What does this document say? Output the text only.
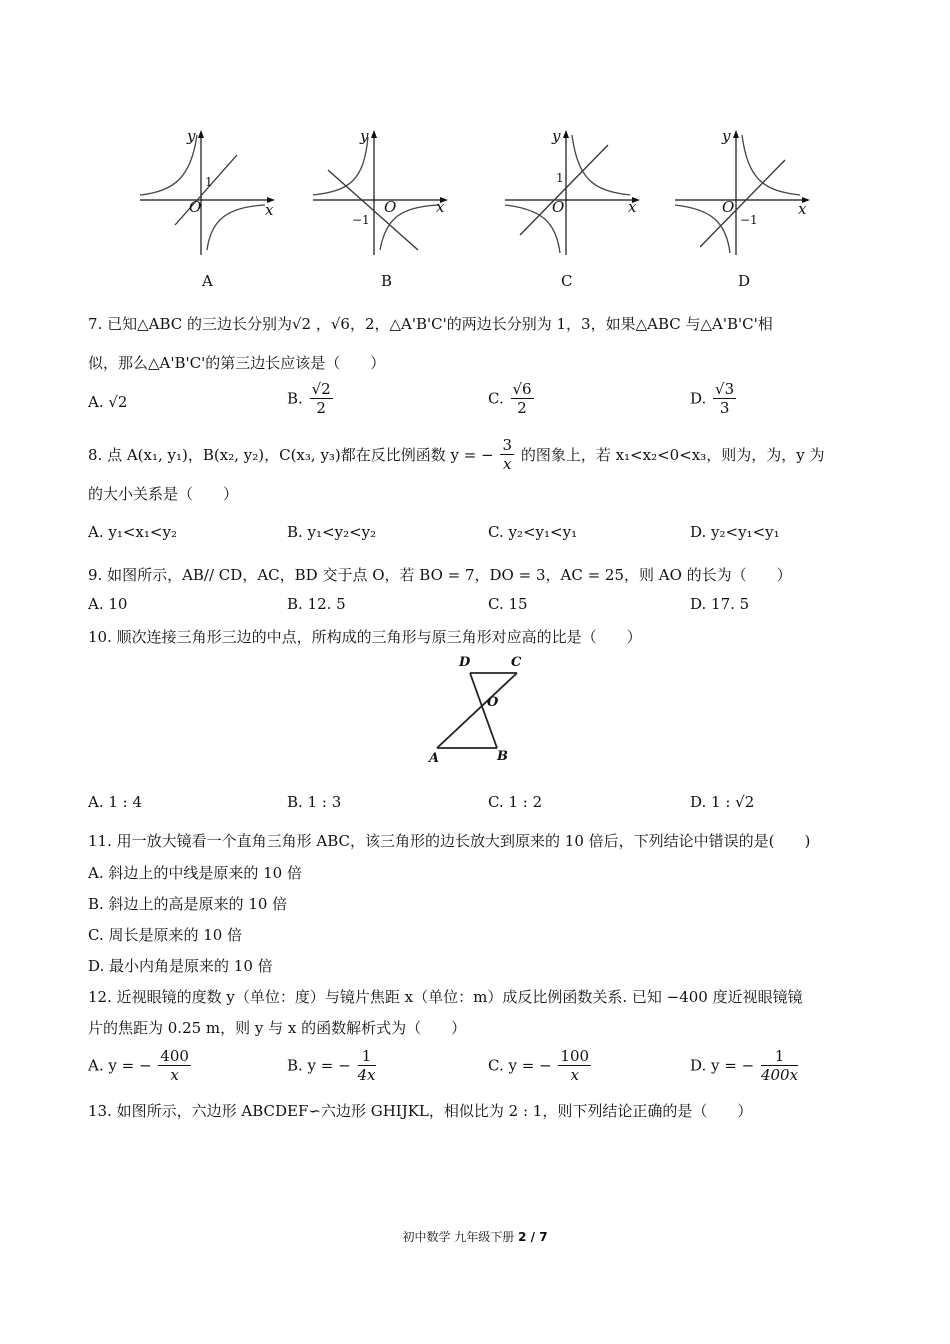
y
x
O
1
y
x
O
−1
y
x
O
1
y
x
O
−1
A	B	C	D
7. 已知△ABC 的三边长分别为√2 ，√6，2，△A'B'C'的两边长分别为 1，3，如果△ABC 与△A'B'C'相
似，那么△A'B'C'的第三边长应该是（　　）
A. √2	B. $\frac{√2}{2}$	C. $\frac{√6}{2}$	D. $\frac{√3}{3}$
8. 点 A(x₁, y₁)，B(x₂, y₂)，C(x₃, y₃)都在反比例函数 y = − $\frac{3}{x}$ 的图象上，若 x₁<x₂<0<x₃，则为，为，y 为
的大小关系是（　　）
A. y₁<x₁<y₂	B. y₁<y₂<y₂	C. y₂<y₁<y₁	D. y₂<y₁<y₁
9. 如图所示，AB// CD，AC，BD 交于点 O，若 BO = 7，DO = 3，AC = 25，则 AO 的长为（　　）
A. 10	B. 12. 5	C. 15	D. 17. 5
10. 顺次连接三角形三边的中点，所构成的三角形与原三角形对应高的比是（　　）
D	C
O
A	B
A. 1 : 4	B. 1 : 3	C. 1 : 2	D. 1 : √2
11. 用一放大镜看一个直角三角形 ABC，该三角形的边长放大到原来的 10 倍后，下列结论中错误的是(　　)
A. 斜边上的中线是原来的 10 倍
B. 斜边上的高是原来的 10 倍
C. 周长是原来的 10 倍
D. 最小内角是原来的 10 倍
12. 近视眼镜的度数 y（单位：度）与镜片焦距 x（单位：m）成反比例函数关系. 已知 −400 度近视眼镜镜
片的焦距为 0.25 m，则 y 与 x 的函数解析式为（　　）
A. y = − $\frac{400}{x}$	B. y = − $\frac{1}{4x}$	C. y = − $\frac{100}{x}$	D. y = − $\frac{1}{400x}$
13. 如图所示，六边形 ABCDEF∽六边形 GHIJKL，相似比为 2 : 1，则下列结论正确的是（　　）
初中数学 九年级下册 2 / 7
